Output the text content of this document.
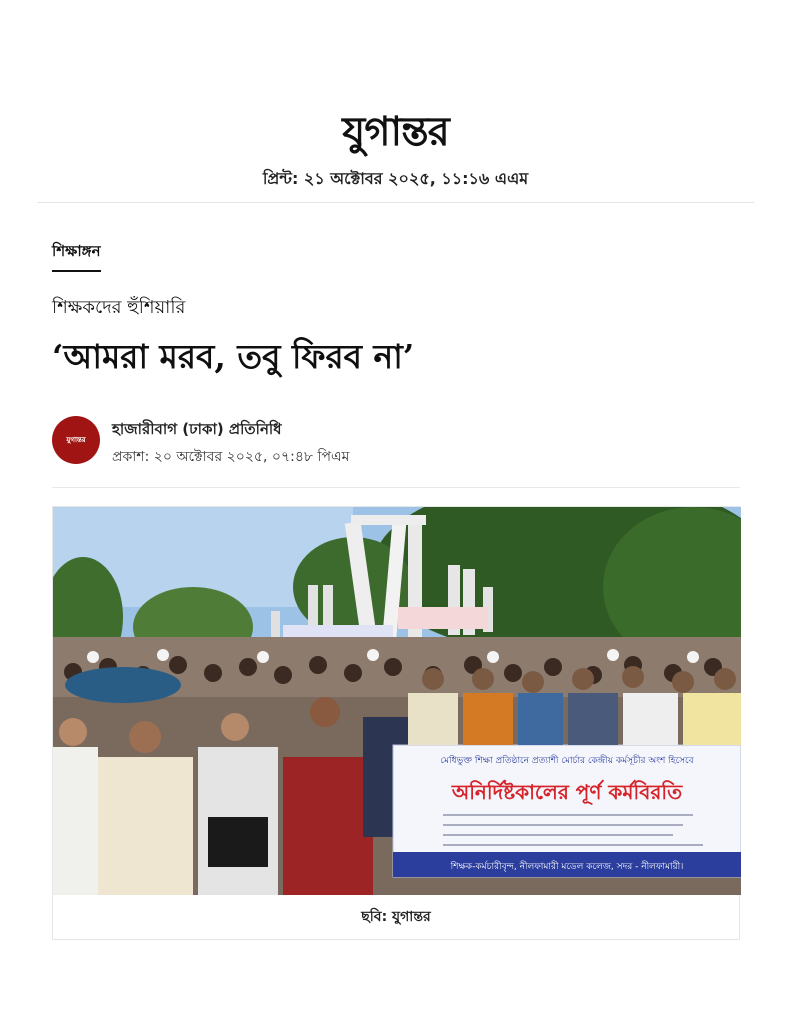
যুগান্তর
প্রিন্ট: ২১ অক্টোবর ২০২৫, ১১:১৬ এএম
শিক্ষাঙ্গন
শিক্ষকদের হুঁশিয়ারি
‘আমরা মরব, তবু ফিরব না’
যুগান্তর
হাজারীবাগ (ঢাকা) প্রতিনিধি
প্রকাশ: ২০ অক্টোবর ২০২৫, ০৭:৪৮ পিএম
মেধিভুক্ত শিক্ষা প্রতিষ্ঠানে প্রত্যাশী মোর্চার কেন্দ্রীয় কর্মসূচীর অংশ হিসেবে
অনির্দিষ্টকালের পূর্ণ কর্মবিরতি
শিক্ষক-কর্মচারীবৃন্দ, নীলফামারী মডেল কলেজ, সদর - নীলফামারী।
ছবি: যুগান্তর
